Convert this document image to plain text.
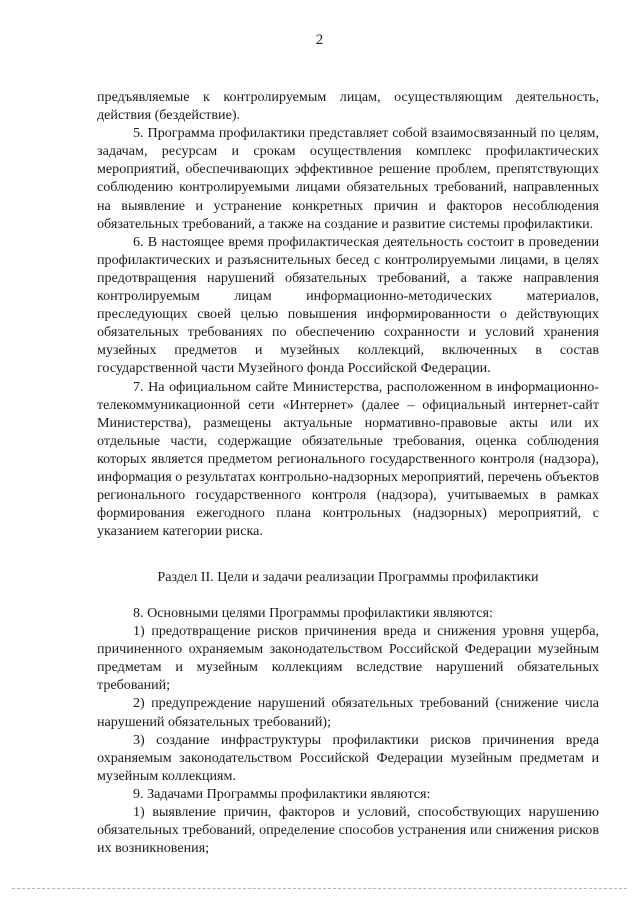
2

предъявляемые к контролируемым лицам, осуществляющим деятельность, действия (бездействие).

5. Программа профилактики представляет собой взаимосвязанный по целям, задачам, ресурсам и срокам осуществления комплекс профилактических мероприятий, обеспечивающих эффективное решение проблем, препятствующих соблюдению контролируемыми лицами обязательных требований, направленных на выявление и устранение конкретных причин и факторов несоблюдения обязательных требований, а также на создание и развитие системы профилактики.

6. В настоящее время профилактическая деятельность состоит в проведении профилактических и разъяснительных бесед с контролируемыми лицами, в целях предотвращения нарушений обязательных требований, а также направления контролируемым лицам информационно-методических материалов, преследующих своей целью повышения информированности о действующих обязательных требованиях по обеспечению сохранности и условий хранения музейных предметов и музейных коллекций, включенных в состав государственной части Музейного фонда Российской Федерации.

7. На официальном сайте Министерства, расположенном в информационно-телекоммуникационной сети «Интернет» (далее – официальный интернет-сайт Министерства), размещены актуальные нормативно-правовые акты или их отдельные части, содержащие обязательные требования, оценка соблюдения которых является предметом регионального государственного контроля (надзора), информация о результатах контрольно-надзорных мероприятий, перечень объектов регионального государственного контроля (надзора), учитываемых в рамках формирования ежегодного плана контрольных (надзорных) мероприятий, с указанием категории риска.

Раздел II. Цели и задачи реализации Программы профилактики

8. Основными целями Программы профилактики являются:

1) предотвращение рисков причинения вреда и снижения уровня ущерба, причиненного охраняемым законодательством Российской Федерации музейным предметам и музейным коллекциям вследствие нарушений обязательных требований;

2) предупреждение нарушений обязательных требований (снижение числа нарушений обязательных требований);

3) создание инфраструктуры профилактики рисков причинения вреда охраняемым законодательством Российской Федерации музейным предметам и музейным коллекциям.

9. Задачами Программы профилактики являются:

1) выявление причин, факторов и условий, способствующих нарушению обязательных требований, определение способов устранения или снижения рисков их возникновения;
